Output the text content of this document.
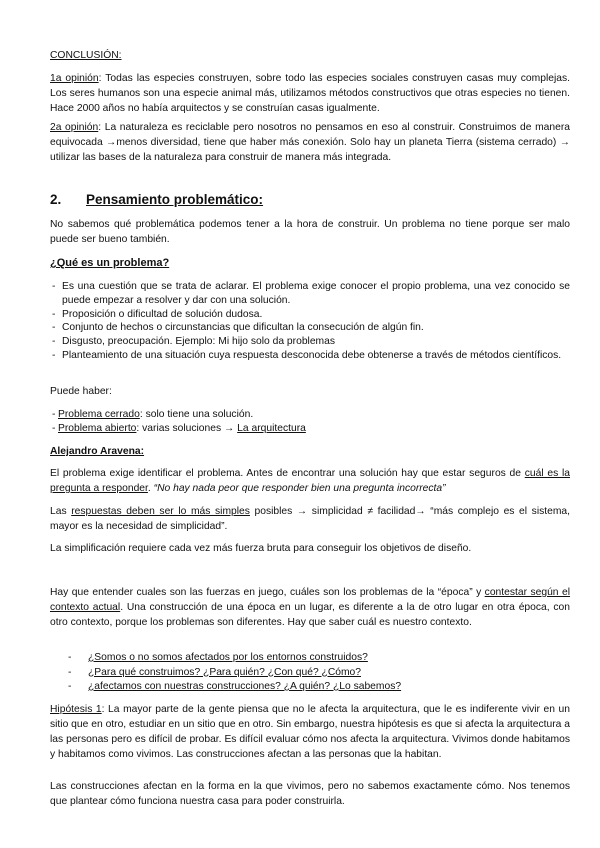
CONCLUSIÓN:

1a opinión: Todas las especies construyen, sobre todo las especies sociales construyen casas muy complejas. Los seres humanos son una especie animal más, utilizamos métodos constructivos que otras especies no tienen. Hace 2000 años no había arquitectos y se construían casas igualmente.

2a opinión: La naturaleza es reciclable pero nosotros no pensamos en eso al construir. Construimos de manera equivocada →menos diversidad, tiene que haber más conexión. Solo hay un planeta Tierra (sistema cerrado) → utilizar las bases de la naturaleza para construir de manera más integrada.

2. Pensamiento problemático:

No sabemos qué problemática podemos tener a la hora de construir. Un problema no tiene porque ser malo puede ser bueno también.

¿Qué es un problema?

- Es una cuestión que se trata de aclarar. El problema exige conocer el propio problema, una vez conocido se puede empezar a resolver y dar con una solución.
- Proposición o dificultad de solución dudosa.
- Conjunto de hechos o circunstancias que dificultan la consecución de algún fin.
- Disgusto, preocupación. Ejemplo: Mi hijo solo da problemas
- Planteamiento de una situación cuya respuesta desconocida debe obtenerse a través de métodos científicos.

Puede haber:

- Problema cerrado: solo tiene una solución.
- Problema abierto: varias soluciones → La arquitectura

Alejandro Aravena:

El problema exige identificar el problema. Antes de encontrar una solución hay que estar seguros de cuál es la pregunta a responder. “No hay nada peor que responder bien una pregunta incorrecta”

Las respuestas deben ser lo más simples posibles → simplicidad ≠ facilidad→ “más complejo es el sistema, mayor es la necesidad de simplicidad”.

La simplificación requiere cada vez más fuerza bruta para conseguir los objetivos de diseño.

Hay que entender cuales son las fuerzas en juego, cuáles son los problemas de la “época” y contestar según el contexto actual. Una construcción de una época en un lugar, es diferente a la de otro lugar en otra época, con otro contexto, porque los problemas son diferentes. Hay que saber cuál es nuestro contexto.

- ¿Somos o no somos afectados por los entornos construidos?
- ¿Para qué construimos? ¿Para quién? ¿Con qué? ¿Cómo?
- ¿afectamos con nuestras construcciones? ¿A quién? ¿Lo sabemos?

Hipótesis 1: La mayor parte de la gente piensa que no le afecta la arquitectura, que le es indiferente vivir en un sitio que en otro, estudiar en un sitio que en otro. Sin embargo, nuestra hipótesis es que si afecta la arquitectura a las personas pero es difícil de probar. Es difícil evaluar cómo nos afecta la arquitectura. Vivimos donde habitamos y habitamos como vivimos. Las construcciones afectan a las personas que la habitan.

Las construcciones afectan en la forma en la que vivimos, pero no sabemos exactamente cómo. Nos tenemos que plantear cómo funciona nuestra casa para poder construirla.
